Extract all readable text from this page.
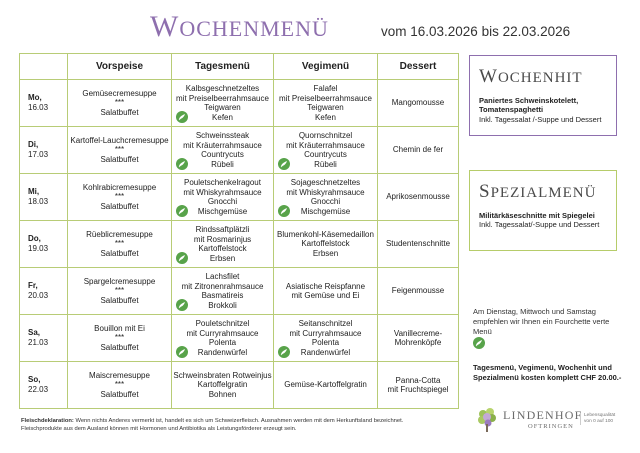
WOCHENMENÜ	vom 16.03.2026 bis 22.03.2026
	Vorspeise	Tagesmenü	Vegimenü	Dessert
Mo,
16.03	Gemüsecremesuppe
***
Salatbuffet	Kalbsgeschnetzeltes
mit Preiselbeerrahmsauce
Teigwaren
Kefen	Falafel
mit Preiselbeerrahmsauce
Teigwaren
Kefen	Mangomousse

Di,
17.03	Kartoffel-Lauchcremesuppe
***
Salatbuffet	Schweinssteak
mit Kräuterrahmsauce
Countrycuts
Rübeli	Quornschnitzel
mit Kräuterrahmsauce
Countrycuts
Rübeli	Chemin de fer

Mi,
18.03	Kohlrabicremesuppe
***
Salatbuffet	Pouletschenkelragout
mit Whiskyrahmsauce
Gnocchi
Mischgemüse	Sojageschnetzeltes
mit Whiskyrahmsauce
Gnocchi
Mischgemüse	Aprikosenmousse

Do,
19.03	Rüeblicremesuppe
***
Salatbuffet	Rindssaftplätzli
mit Rosmarinjus
Kartoffelstock
Erbsen	Blumenkohl-Käsemedaillon
Kartoffelstock
Erbsen	Studentenschnitte

Fr,
20.03	Spargelcremesuppe
***
Salatbuffet	Lachsfilet
mit Zitronenrahmsauce
Basmatireis
Brokkoli	Asiatische Reispfanne
mit Gemüse und Ei	Feigenmousse

Sa,
21.03	Bouillon mit Ei
***
Salatbuffet	Pouletschnitzel
mit Curryrahmsauce
Polenta
Randenwürfel	Seitanschnitzel
mit Curryrahmsauce
Polenta
Randenwürfel	Vanillecreme-
Mohrenköpfe

So,
22.03	Maiscremesuppe
***
Salatbuffet	Schweinsbraten Rotweinjus
Kartoffelgratin
Bohnen	Gemüse-Kartoffelgratin	Panna-Cotta
mit Fruchtspiegel
WOCHENHIT
Paniertes Schweinskotelett, Tomatenspaghetti
Inkl. Tagessalat /-Suppe und Dessert
SPEZIALMENÜ
Militärkäseschnitte mit Spiegelei
Inkl. Tagessalat/-Suppe und Dessert
Am Dienstag, Mittwoch und Samstag empfehlen wir Ihnen ein Fourchette verte Menü
Tagesmenü, Vegimenü, Wochenhit und Spezialmenü kosten komplett CHF 20.00.-
Fleischdeklaration: Wenn nichts Anderes vermerkt ist, handelt es sich um Schweizerfleisch. Ausnahmen werden mit dem Herkunftsland bezeichnet.
Fleischprodukte aus dem Ausland können mit Hormonen und Antibiotika als Leistungsförderer erzeugt sein.
LINDENHOF
OFTRINGEN
Lebensqualität von 0 auf 100
